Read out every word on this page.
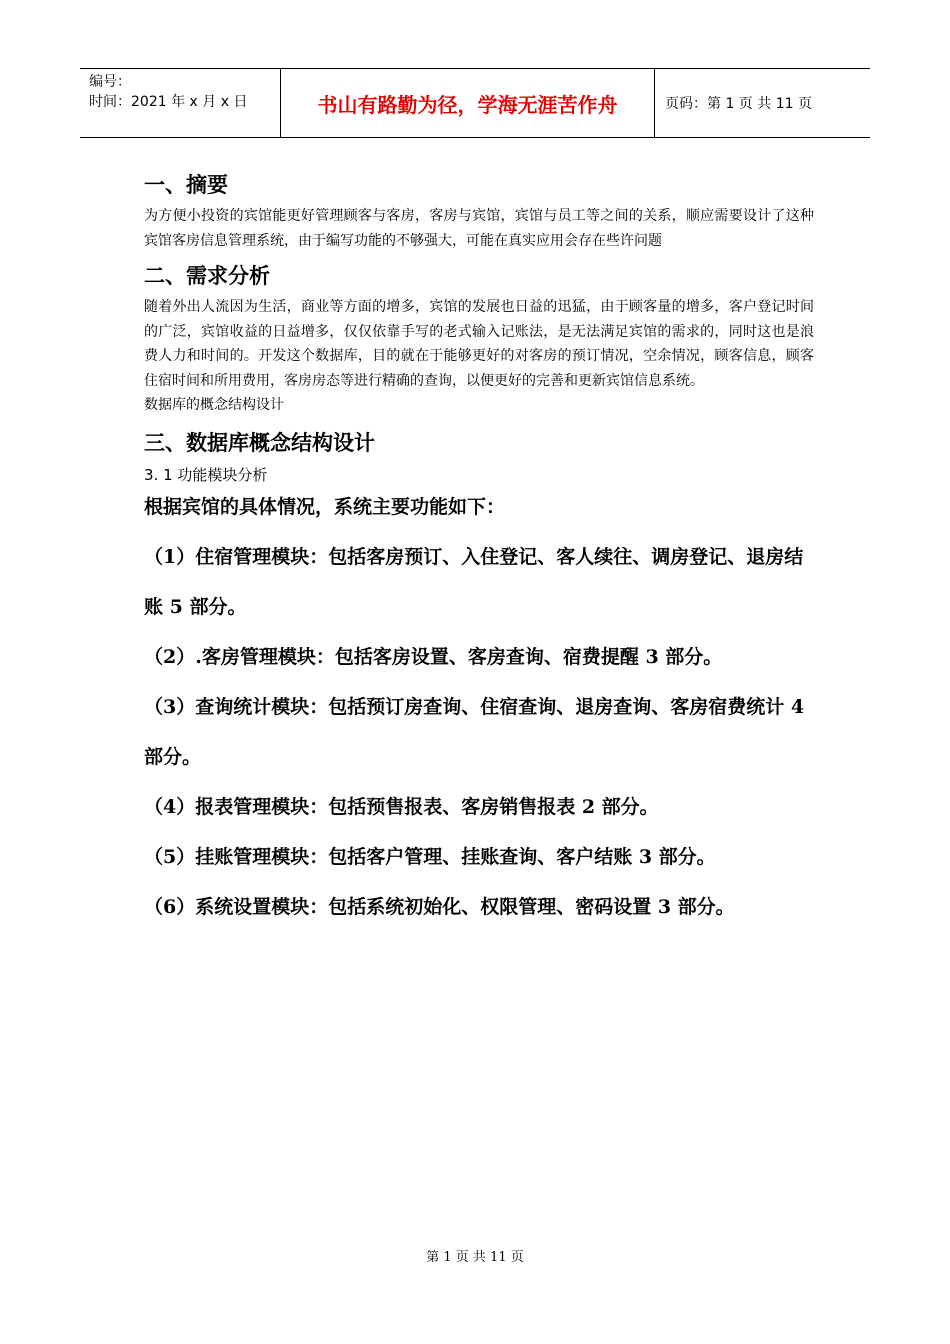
编号：
时间：2021 年 x 月 x 日	书山有路勤为径，学海无涯苦作舟	页码：第 1 页 共 11 页

一、摘要

为方便小投资的宾馆能更好管理顾客与客房，客房与宾馆，宾馆与员工等之间的关系，顺应需要设计了这种宾馆客房信息管理系统，由于编写功能的不够强大，可能在真实应用会存在些许问题

二、需求分析

随着外出人流因为生活，商业等方面的增多，宾馆的发展也日益的迅猛，由于顾客量的增多，客户登记时间的广泛，宾馆收益的日益增多，仅仅依靠手写的老式输入记账法，是无法满足宾馆的需求的，同时这也是浪费人力和时间的。开发这个数据库，目的就在于能够更好的对客房的预订情况，空余情况，顾客信息，顾客住宿时间和所用费用，客房房态等进行精确的查询，以便更好的完善和更新宾馆信息系统。

数据库的概念结构设计

三、数据库概念结构设计

3. 1 功能模块分析

根据宾馆的具体情况，系统主要功能如下：

（1）住宿管理模块：包括客房预订、入住登记、客人续往、调房登记、退房结账 5 部分。

（2）.客房管理模块：包括客房设置、客房查询、宿费提醒 3 部分。

（3）查询统计模块：包括预订房查询、住宿查询、退房查询、客房宿费统计 4 部分。

（4）报表管理模块：包括预售报表、客房销售报表 2 部分。

（5）挂账管理模块：包括客户管理、挂账查询、客户结账 3 部分。

（6）系统设置模块：包括系统初始化、权限管理、密码设置 3 部分。

第 1 页 共 11 页
